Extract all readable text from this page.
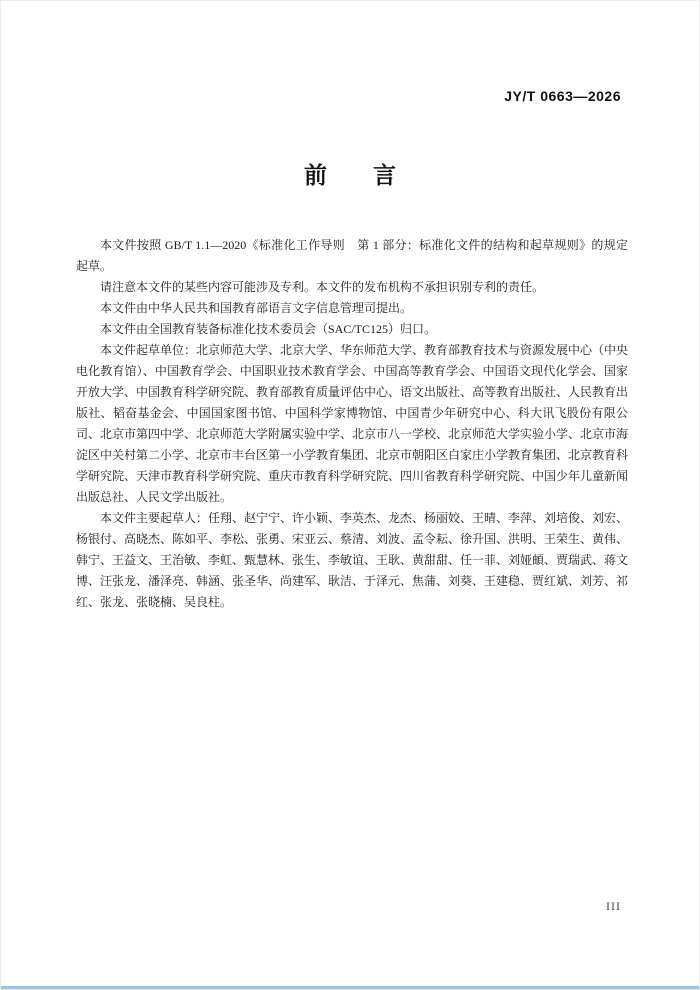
JY/T 0663—2026
前　　言

本文件按照 GB/T 1.1—2020《标准化工作导则　第 1 部分：标准化文件的结构和起草规则》的规定起草。

请注意本文件的某些内容可能涉及专利。本文件的发布机构不承担识别专利的责任。

本文件由中华人民共和国教育部语言文字信息管理司提出。

本文件由全国教育装备标准化技术委员会（SAC/TC125）归口。

本文件起草单位：北京师范大学、北京大学、华东师范大学、教育部教育技术与资源发展中心（中央电化教育馆）、中国教育学会、中国职业技术教育学会、中国高等教育学会、中国语文现代化学会、国家开放大学、中国教育科学研究院、教育部教育质量评估中心、语文出版社、高等教育出版社、人民教育出版社、韬奋基金会、中国国家图书馆、中国科学家博物馆、中国青少年研究中心、科大讯飞股份有限公司、北京市第四中学、北京师范大学附属实验中学、北京市八一学校、北京师范大学实验小学、北京市海淀区中关村第二小学、北京市丰台区第一小学教育集团、北京市朝阳区白家庄小学教育集团、北京教育科学研究院、天津市教育科学研究院、重庆市教育科学研究院、四川省教育科学研究院、中国少年儿童新闻出版总社、人民文学出版社。

本文件主要起草人：任翔、赵宁宁、许小颖、李英杰、龙杰、杨丽姣、王晴、李萍、刘培俊、刘宏、杨银付、高晓杰、陈如平、李松、张勇、宋亚云、蔡清、刘波、孟令耘、徐升国、洪明、王荣生、黄伟、韩宁、王益文、王治敏、李虹、甄慧林、张生、李敏谊、王耿、黄甜甜、任一菲、刘娅頔、贾瑞武、蒋文博、汪张龙、潘泽亮、韩涵、张圣华、尚建军、耿洁、于泽元、焦蒲、刘葵、王建稳、贾红斌、刘芳、祁红、张龙、张晓楠、吴良柱。

III
